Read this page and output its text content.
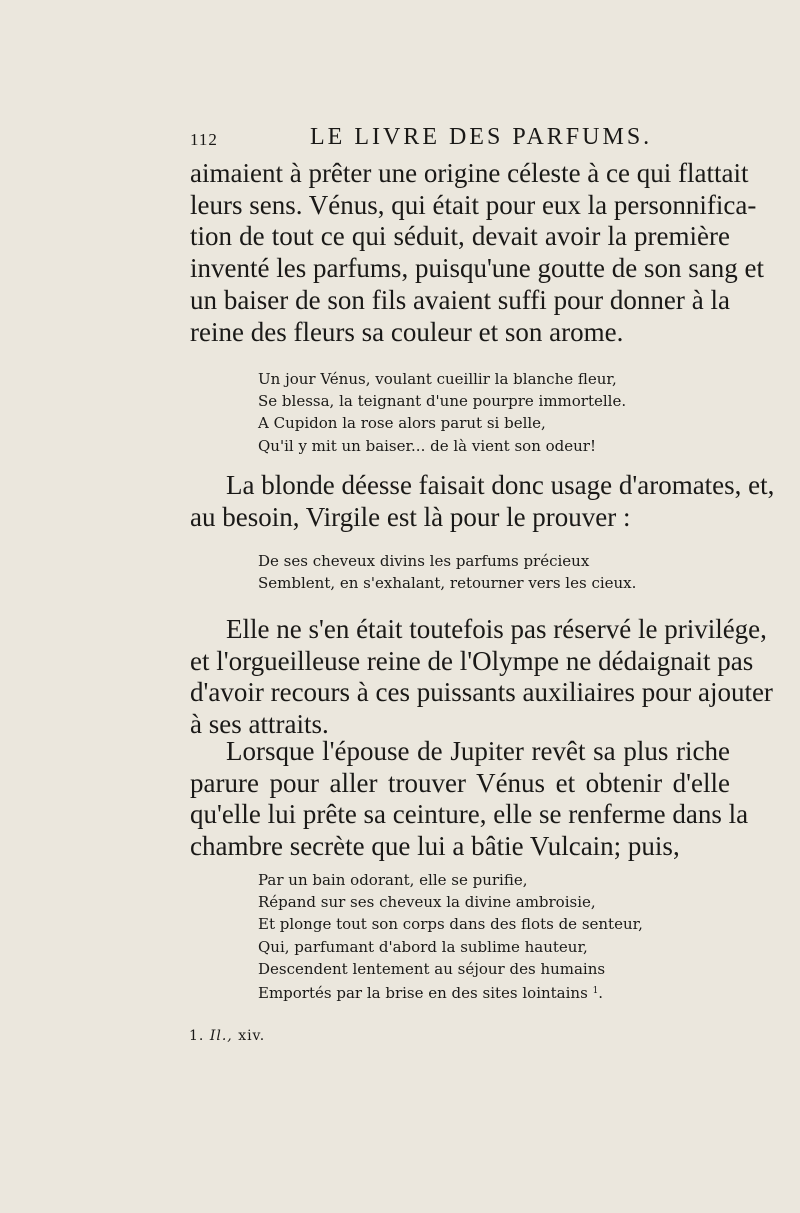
112	LE LIVRE DES PARFUMS.
aimaient à prêter une origine céleste à ce qui flattait
leurs sens. Vénus, qui était pour eux la personnifica-
tion de tout ce qui séduit, devait avoir la première
inventé les parfums, puisqu'une goutte de son sang et
un baiser de son fils avaient suffi pour donner à la
reine des fleurs sa couleur et son arome.
Un jour Vénus, voulant cueillir la blanche fleur,
Se blessa, la teignant d'une pourpre immortelle.
A Cupidon la rose alors parut si belle,
Qu'il y mit un baiser... de là vient son odeur!
La blonde déesse faisait donc usage d'aromates, et,
au besoin, Virgile est là pour le prouver :
De ses cheveux divins les parfums précieux
Semblent, en s'exhalant, retourner vers les cieux.
Elle ne s'en était toutefois pas réservé le privilége,
et l'orgueilleuse reine de l'Olympe ne dédaignait pas
d'avoir recours à ces puissants auxiliaires pour ajouter
à ses attraits.
Lorsque l'épouse de Jupiter revêt sa plus riche
parure pour aller trouver Vénus et obtenir d'elle
qu'elle lui prête sa ceinture, elle se renferme dans la
chambre secrète que lui a bâtie Vulcain; puis,
Par un bain odorant, elle se purifie,
Répand sur ses cheveux la divine ambroisie,
Et plonge tout son corps dans des flots de senteur,
Qui, parfumant d'abord la sublime hauteur,
Descendent lentement au séjour des humains
Emportés par la brise en des sites lointains $^1$.
1. Il., xiv.
